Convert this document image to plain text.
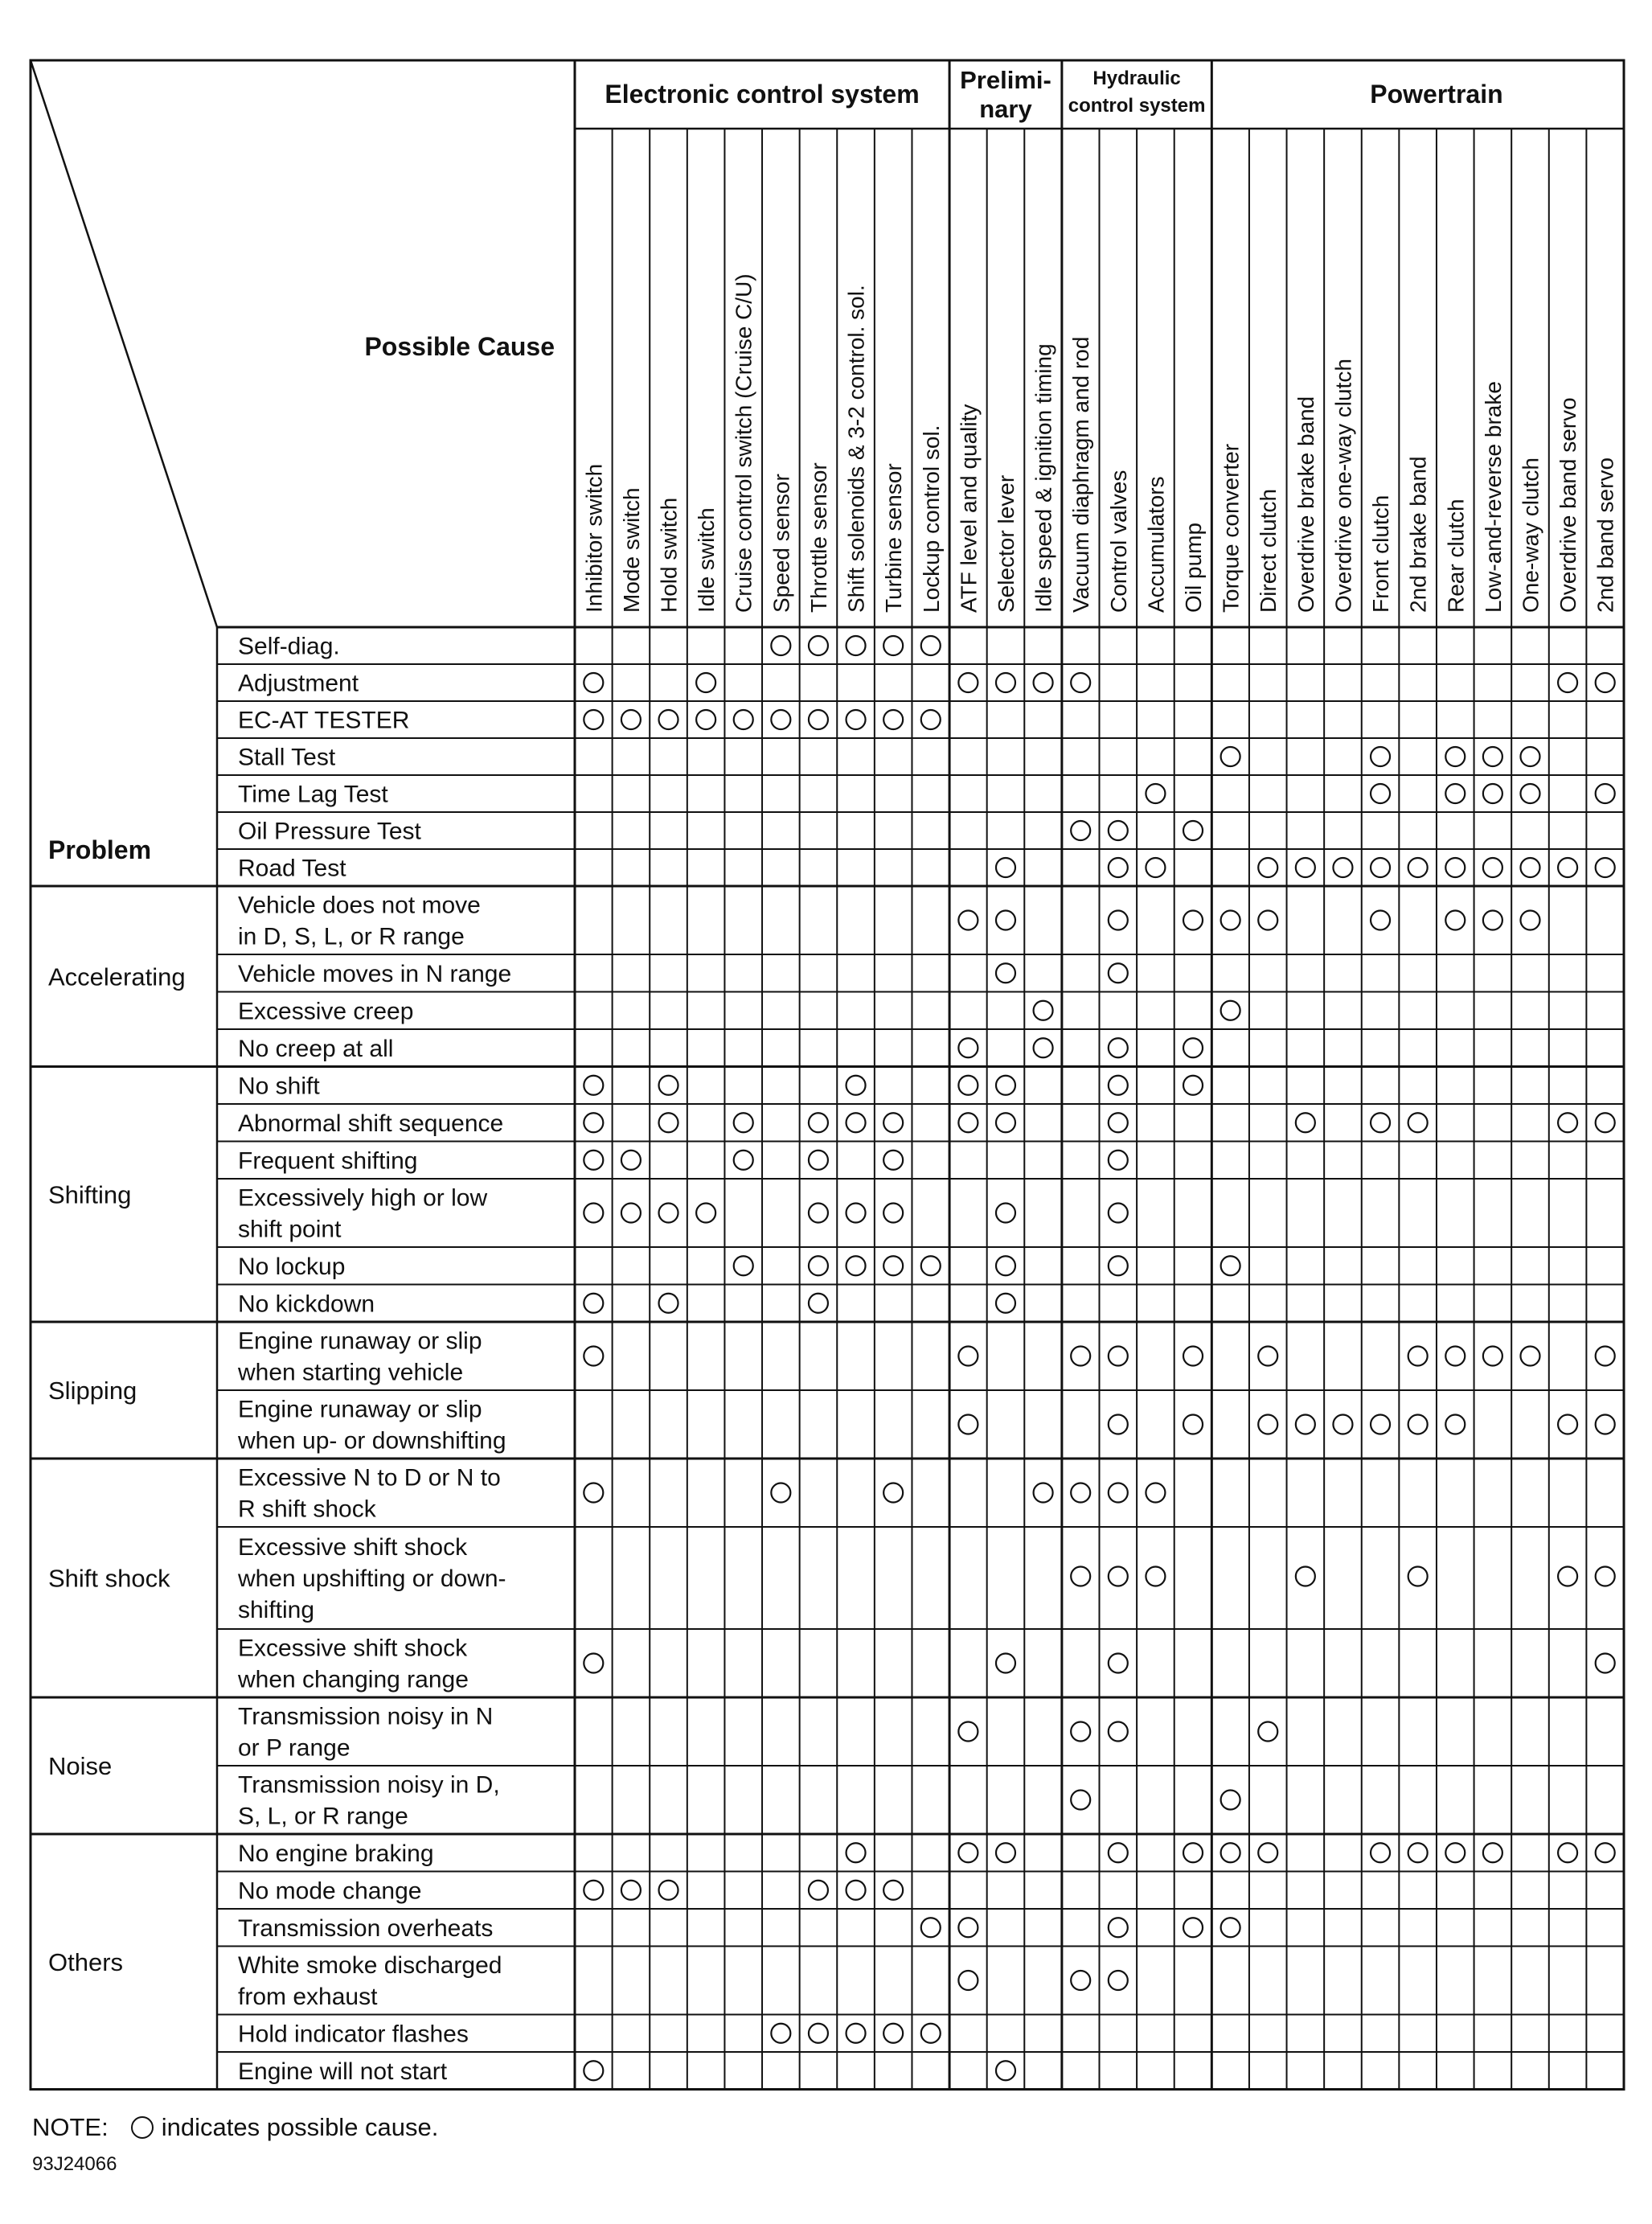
Electronic control system Prelimi-
nary
Hydraulic
control system	Powertrain
Inhibitor switch Mode switch Hold switch Idle switch Cruise control switch (Cruise C/U) Speed sensor Throttle sensor Shift solenoids & 3-2 control. sol. Turbine sensor Lockup control sol. ATF level and quality Selector lever Idle speed & ignition timing Vacuum diaphragm and rod Control valves Accumulators Oil pump Torque converter Direct clutch Overdrive brake band Overdrive one-way clutch Front clutch 2nd brake band Rear clutch Low-and-reverse brake One-way clutch Overdrive band servo 2nd band servo
Possible Cause
Problem
Self-diag.
Adjustment
EC-AT TESTER
Stall Test
Time Lag Test
Oil Pressure Test
Road Test
Vehicle does not move
in D, S, L, or R range
Vehicle moves in N range
Excessive creep
No creep at all
No shift
Abnormal shift sequence
Frequent shifting
Excessively high or low
shift point
No lockup
No kickdown
Engine runaway or slip
when starting vehicle
Engine runaway or slip
when up- or downshifting
Excessive N to D or N to
R shift shock
Excessive shift shock
when upshifting or down-
shifting
Excessive shift shock
when changing range
Transmission noisy in N
or P range
Transmission noisy in D,
S, L, or R range
No engine braking
No mode change
Transmission overheats
White smoke discharged
from exhaust
Hold indicator flashes
Engine will not start
Accelerating
Shifting
Slipping
Shift shock
Noise
Others
NOTE: indicates possible cause.
93J24066
